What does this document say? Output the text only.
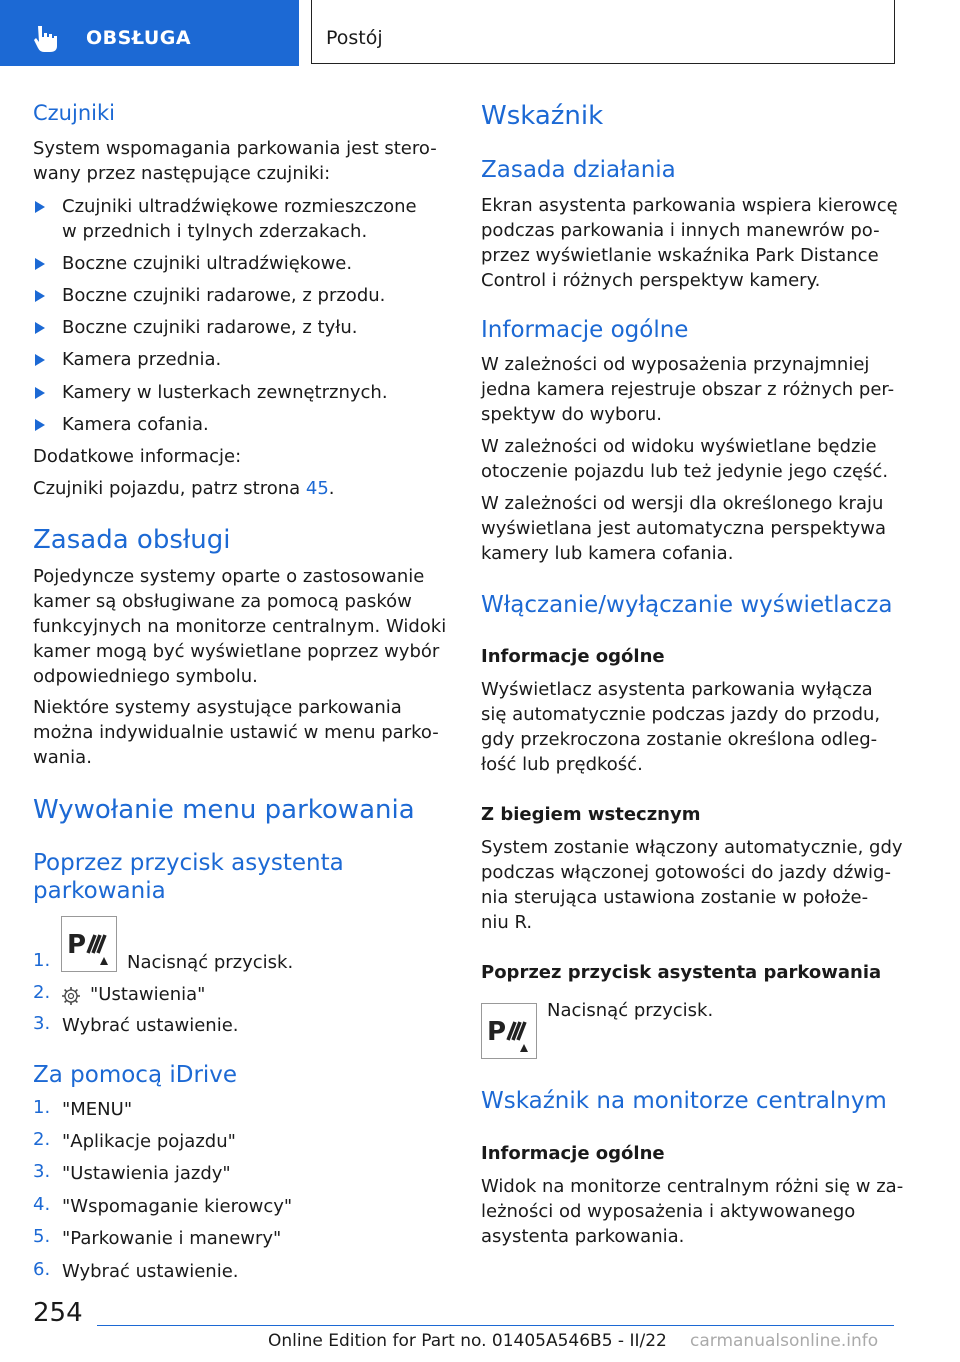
OBSŁUGA	Postój
Czujniki
System wspomagania parkowania jest stero-
wany przez następujące czujniki:
Czujniki ultradźwiękowe rozmieszczone
w przednich i tylnych zderzakach.
Boczne czujniki ultradźwiękowe.
Boczne czujniki radarowe, z przodu.
Boczne czujniki radarowe, z tyłu.
Kamera przednia.
Kamery w lusterkach zewnętrznych.
Kamera cofania.
Dodatkowe informacje:
Czujniki pojazdu, patrz strona 45.
Zasada obsługi
Pojedyncze systemy oparte o zastosowanie
kamer są obsługiwane za pomocą pasków
funkcyjnych na monitorze centralnym. Widoki
kamer mogą być wyświetlane poprzez wybór
odpowiedniego symbolu.
Niektóre systemy asystujące parkowania
można indywidualnie ustawić w menu parko-
wania.
Wywołanie menu parkowania
Poprzez przycisk asystenta
parkowania
1.
P
Nacisnąć przycisk.
2. "Ustawienia"
3. Wybrać ustawienie.
Za pomocą iDrive
1. "MENU"
2. "Aplikacje pojazdu"
3. "Ustawienia jazdy"
4. "Wspomaganie kierowcy"
5. "Parkowanie i manewry"
6. Wybrać ustawienie.
Wskaźnik
Zasada działania
Ekran asystenta parkowania wspiera kierowcę
podczas parkowania i innych manewrów po-
przez wyświetlanie wskaźnika Park Distance
Control i różnych perspektyw kamery.
Informacje ogólne
W zależności od wyposażenia przynajmniej
jedna kamera rejestruje obszar z różnych per-
spektyw do wyboru.
W zależności od widoku wyświetlane będzie
otoczenie pojazdu lub też jedynie jego część.
W zależności od wersji dla określonego kraju
wyświetlana jest automatyczna perspektywa
kamery lub kamera cofania.
Włączanie/wyłączanie wyświetlacza
Informacje ogólne
Wyświetlacz asystenta parkowania wyłącza
się automatycznie podczas jazdy do przodu,
gdy przekroczona zostanie określona odleg-
łość lub prędkość.
Z biegiem wstecznym
System zostanie włączony automatycznie, gdy
podczas włączonej gotowości do jazdy dźwig-
nia sterująca ustawiona zostanie w położe-
niu R.
Poprzez przycisk asystenta parkowania
P
Nacisnąć przycisk.
Wskaźnik na monitorze centralnym
Informacje ogólne
Widok na monitorze centralnym różni się w za-
leżności od wyposażenia i aktywowanego
asystenta parkowania.
254
Online Edition for Part no. 01405A546B5 - II/22 carmanualsonline.info
